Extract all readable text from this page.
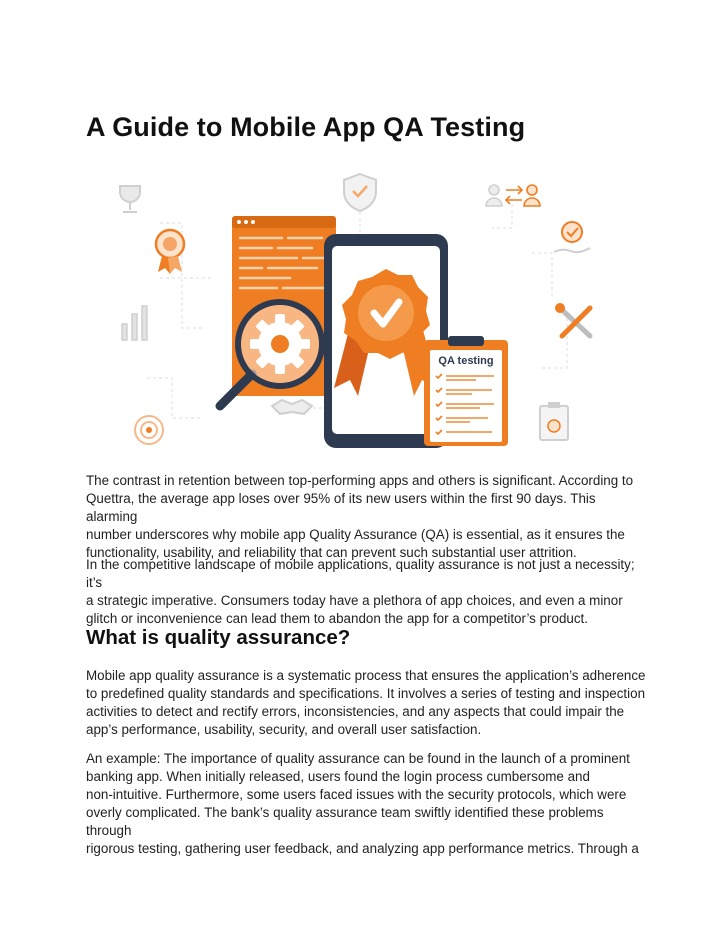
A Guide to Mobile App QA Testing
QA testing

The contrast in retention between top-performing apps and others is significant. According to
Quettra, the average app loses over 95% of its new users within the first 90 days. This alarming
number underscores why mobile app Quality Assurance (QA) is essential, as it ensures the
functionality, usability, and reliability that can prevent such substantial user attrition.

In the competitive landscape of mobile applications, quality assurance is not just a necessity; it’s
a strategic imperative. Consumers today have a plethora of app choices, and even a minor
glitch or inconvenience can lead them to abandon the app for a competitor’s product.

What is quality assurance?

Mobile app quality assurance is a systematic process that ensures the application’s adherence
to predefined quality standards and specifications. It involves a series of testing and inspection
activities to detect and rectify errors, inconsistencies, and any aspects that could impair the
app’s performance, usability, security, and overall user satisfaction.

An example: The importance of quality assurance can be found in the launch of a prominent
banking app. When initially released, users found the login process cumbersome and
non-intuitive. Furthermore, some users faced issues with the security protocols, which were
overly complicated. The bank’s quality assurance team swiftly identified these problems through
rigorous testing, gathering user feedback, and analyzing app performance metrics. Through a
